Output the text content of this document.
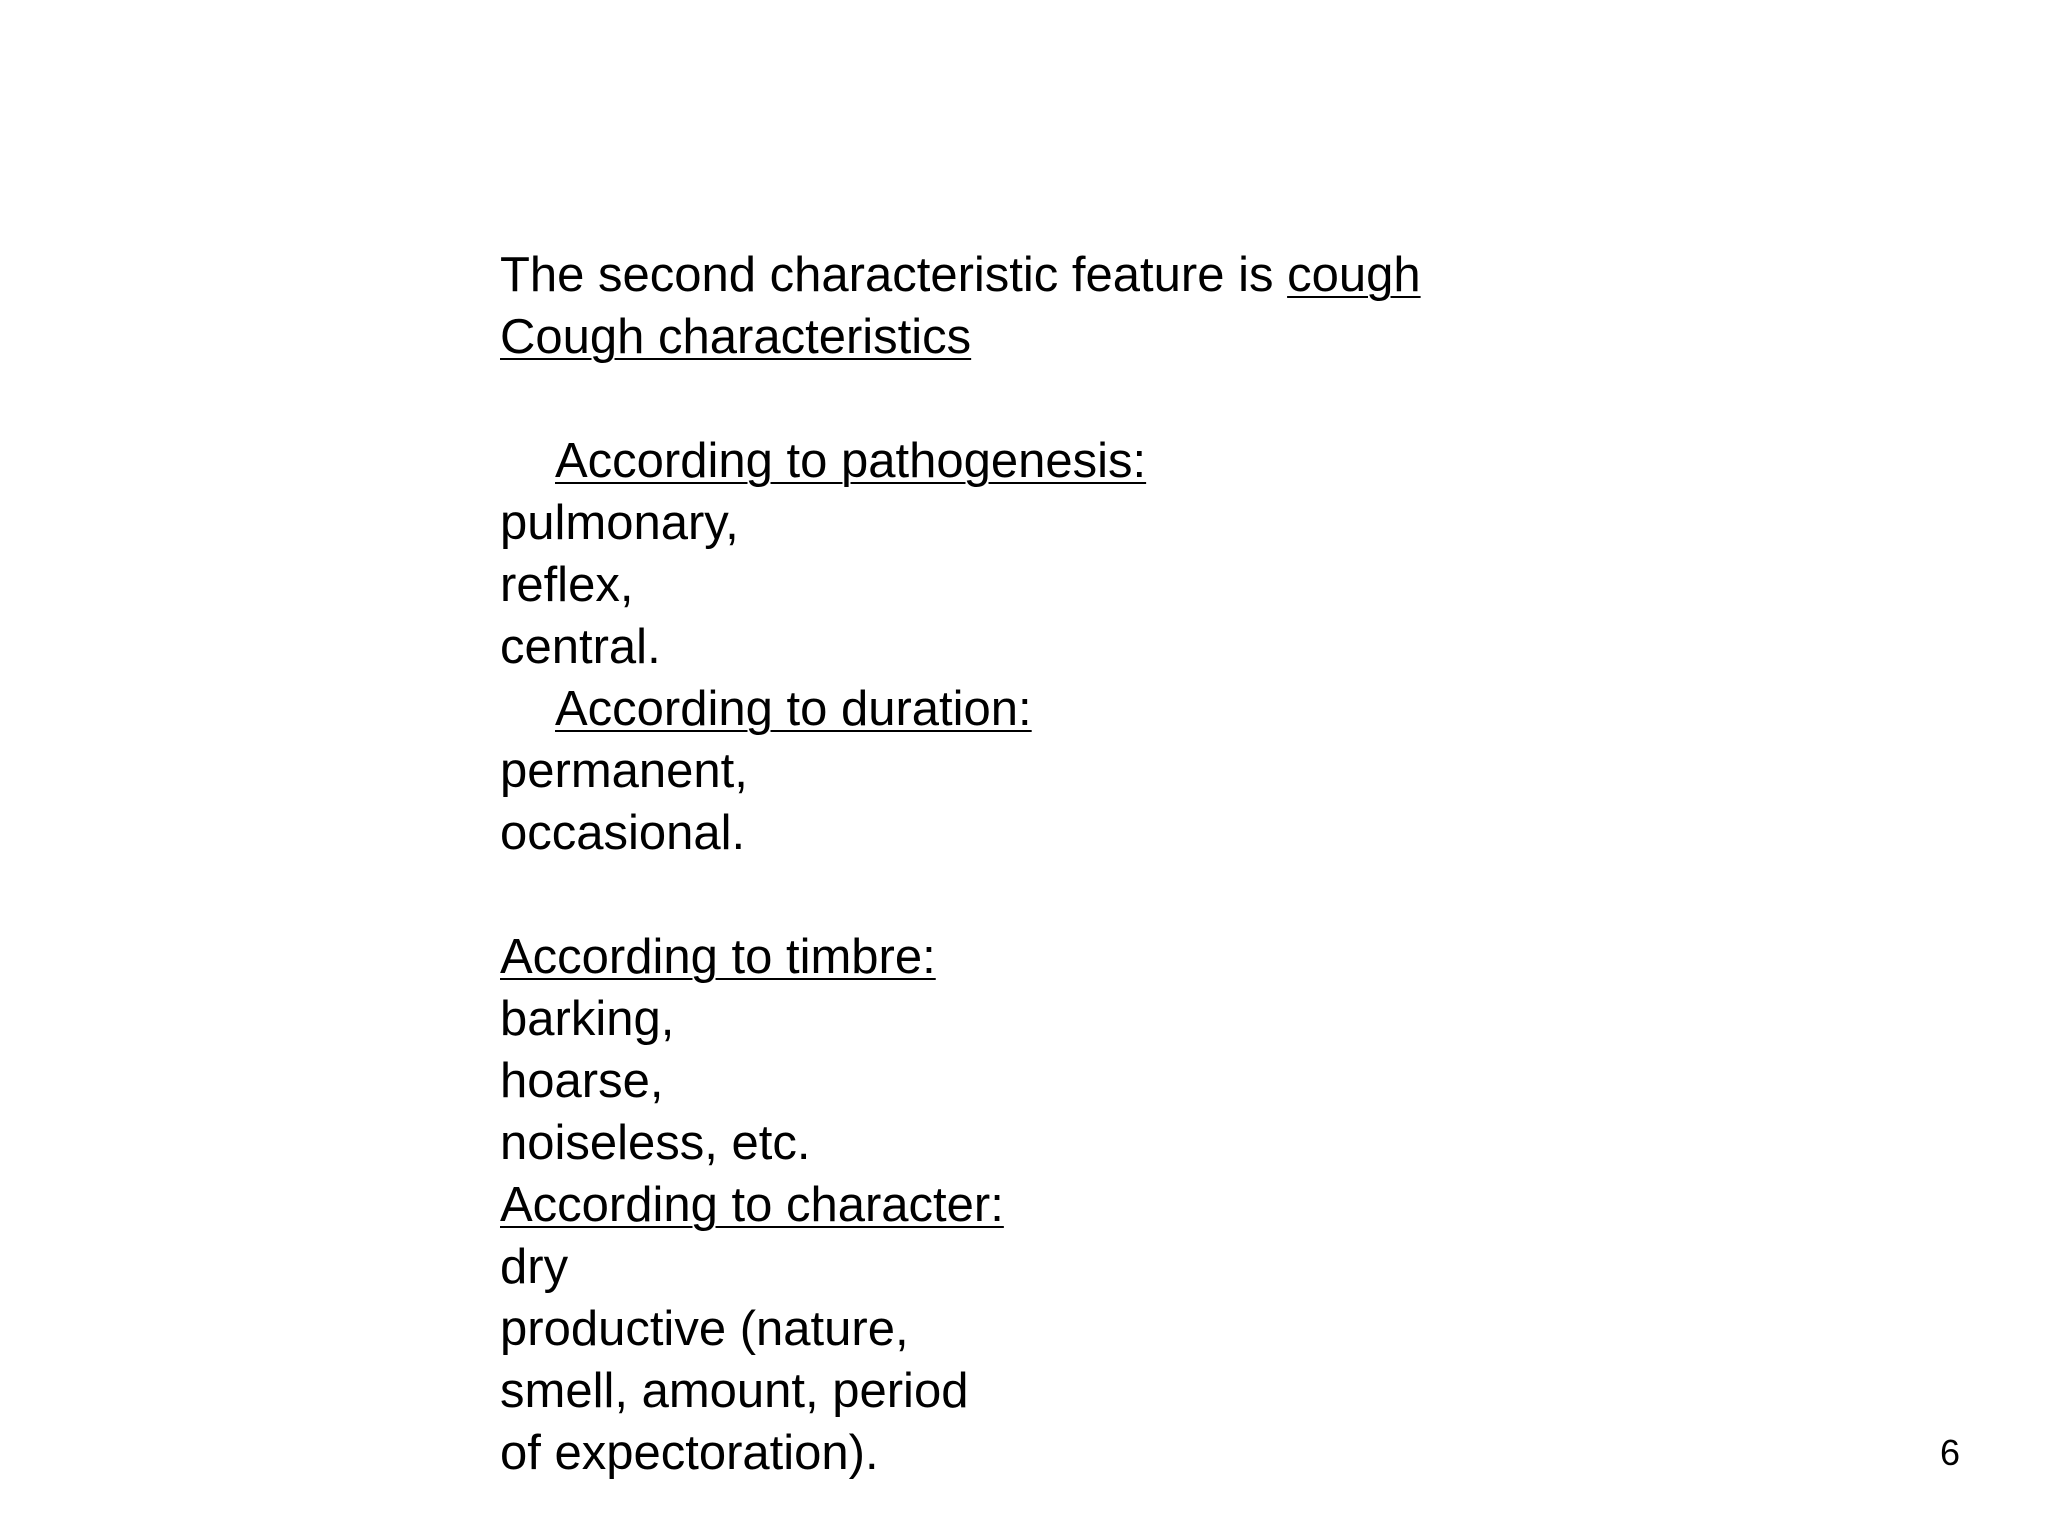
The second characteristic feature is cough
Cough characteristics
According to pathogenesis:
pulmonary,
reflex,
central.
According to duration:
permanent,
occasional.
According to timbre:
barking,
hoarse,
noiseless, etc.
According to character:
dry
productive (nature,
smell, amount, period
of expectoration).	6
